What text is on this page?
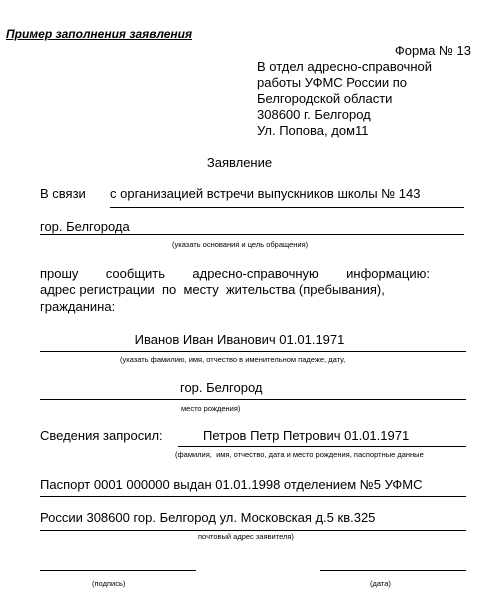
Пример заполнения заявления
Форма № 13
В отдел адресно-справочной
работы УФМС России по
Белгородской области
308600 г. Белгород
Ул. Попова, дом11
Заявление
В связи с организацией встречи выпускников школы № 143
гор. Белгорода
(указать основания и цель обращения)
прошу сообщить адресно-справочную информацию:
адрес регистрации  по  месту  жительства (пребывания),
гражданина:
Иванов Иван Иванович 01.01.1971
(указать фамилию, имя, отчество в именительном падеже, дату,
гор. Белгород
место рождения)
Сведения запросил:	Петров Петр Петрович 01.01.1971
(фамилия,  имя, отчество, дата и место рождения, паспортные данные
Паспорт 0001 000000 выдан 01.01.1998 отделением №5 УФМС
России 308600 гор. Белгород ул. Московская д.5 кв.325
почтовый адрес заявителя)
(подпись)	(дата)
